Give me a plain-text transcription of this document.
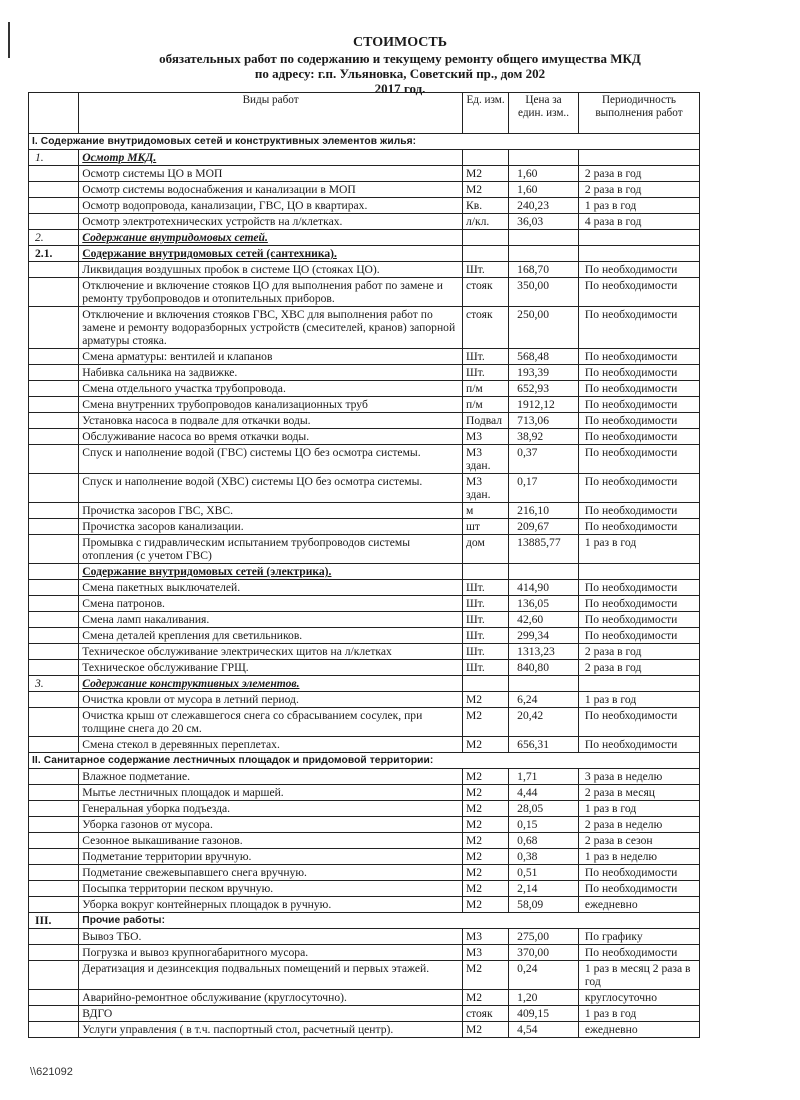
СТОИМОСТЬ
обязательных работ по содержанию и текущему ремонту общего имущества МКД
по адресу: г.п. Ульяновка, Советский пр., дом 202
2017 год.
	Виды работ	Ед. изм.	Цена за един. изм..	Периодичность выполнения работ
I. Содержание внутридомовых сетей и конструктивных элементов жилья:				
1.	Осмотр МКД.			
	Осмотр системы ЦО в МОП	М2	1,60	2 раза в год
	Осмотр системы водоснабжения и канализации в МОП	М2	1,60	2 раза в год
	Осмотр водопровода, канализации, ГВС, ЦО в квартирах.	Кв.	240,23	1 раз в год
	Осмотр электротехнических устройств на л/клетках.	л/кл.	36,03	4 раза в год
2.	Содержание внутридомовых сетей.			
2.1.	Содержание внутридомовых сетей (сантехника).			
	Ликвидация воздушных пробок в системе ЦО (стояках ЦО).	Шт.	168,70	По необходимости
	Отключение и включение стояков ЦО для выполнения работ по замене и ремонту трубопроводов и отопительных приборов.	стояк	350,00	По необходимости
	Отключение и включения стояков ГВС, ХВС для выполнения работ по замене и ремонту водоразборных устройств (смесителей, кранов) запорной арматуры стояка.	стояк	250,00	По необходимости
	Смена арматуры: вентилей и клапанов	Шт.	568,48	По необходимости
	Набивка сальника на задвижке.	Шт.	193,39	По необходимости
	Смена отдельного участка трубопровода.	п/м	652,93	По необходимости
	Смена внутренних трубопроводов канализационных труб	п/м	1912,12	По необходимости
	Установка насоса в подвале для откачки воды.	Подвал	713,06	По необходимости
	Обслуживание насоса во время откачки воды.	М3	38,92	По необходимости
	Спуск и наполнение водой (ГВС) системы ЦО без осмотра системы.	М3 здан.	0,37	По необходимости
	Спуск и наполнение водой (ХВС) системы ЦО без осмотра системы.	М3 здан.	0,17	По необходимости
	Прочистка засоров ГВС, ХВС.	м	216,10	По необходимости
	Прочистка засоров канализации.	шт	209,67	По необходимости
	Промывка с гидравлическим испытанием трубопроводов системы отопления (с учетом ГВС)	дом	13885,77	1 раз в год
	Содержание внутридомовых сетей (электрика).			
	Смена пакетных выключателей.	Шт.	414,90	По необходимости
	Смена патронов.	Шт.	136,05	По необходимости
	Смена ламп накаливания.	Шт.	42,60	По необходимости
	Смена деталей крепления для светильников.	Шт.	299,34	По необходимости
	Техническое обслуживание электрических щитов на л/клетках	Шт.	1313,23	2 раза в год
	Техническое обслуживание ГРЩ.	Шт.	840,80	2 раза в год
3.	Содержание конструктивных элементов.			
	Очистка кровли от мусора в летний период.	М2	6,24	1 раз в год
	Очистка крыш от слежавшегося снега со сбрасыванием сосулек, при толщине снега до 20 см.	М2	20,42	По необходимости
	Смена стекол в деревянных переплетах.	М2	656,31	По необходимости
II. Санитарное содержание лестничных площадок и придомовой территории:				
	Влажное подметание.	М2	1,71	3 раза в неделю
	Мытье лестничных площадок и маршей.	М2	4,44	2 раза в месяц
	Генеральная уборка подъезда.	М2	28,05	1 раз в год
	Уборка газонов от мусора.	М2	0,15	2 раза в неделю
	Сезонное выкашивание газонов.	М2	0,68	2 раза в сезон
	Подметание территории вручную.	М2	0,38	1 раз в неделю
	Подметание свежевыпавшего снега вручную.	М2	0,51	По необходимости
	Посыпка территории песком вручную.	М2	2,14	По необходимости
	Уборка вокруг контейнерных площадок в ручную.	М2	58,09	ежедневно
III.	Прочие работы:			
	Вывоз ТБО.	М3	275,00	По графику
	Погрузка и вывоз крупногабаритного мусора.	М3	370,00	По необходимости
	Дератизация и дезинсекция подвальных помещений и первых этажей.	М2	0,24	1 раз в месяц 2 раза в год
	Аварийно-ремонтное обслуживание (круглосуточно).	М2	1,20	круглосуточно
	ВДГО	стояк	409,15	1 раз в год
	Услуги управления ( в т.ч. паспортный стол, расчетный центр).	М2	4,54	ежедневно
\\621092
